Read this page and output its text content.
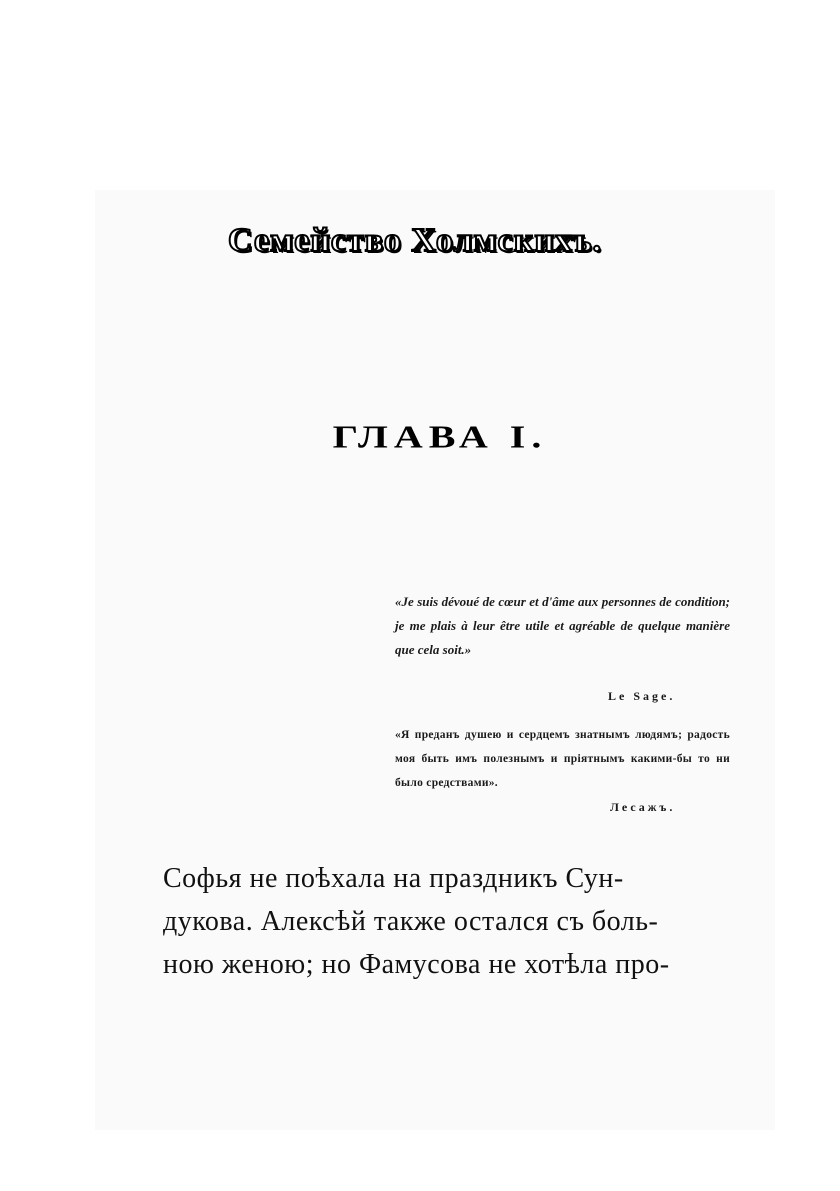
Семейство Холмскихъ.
ГЛАВА I.
«Je suis dévoué de cœur et d'âme aux personnes de condition; je me plais à leur être utile et agréable de quelque manière que cela soit.»
Le Sage.
«Я преданъ душею и сердцемъ знатнымъ людямъ; радость моя быть имъ полезнымъ и пріятнымъ какими-бы то ни было средствами».
Лесажъ.
Софья не поѣхала на праздникъ Сун-
дукова. Алексѣй также остался съ боль-
ною женою; но Фамусова не хотѣла про-
